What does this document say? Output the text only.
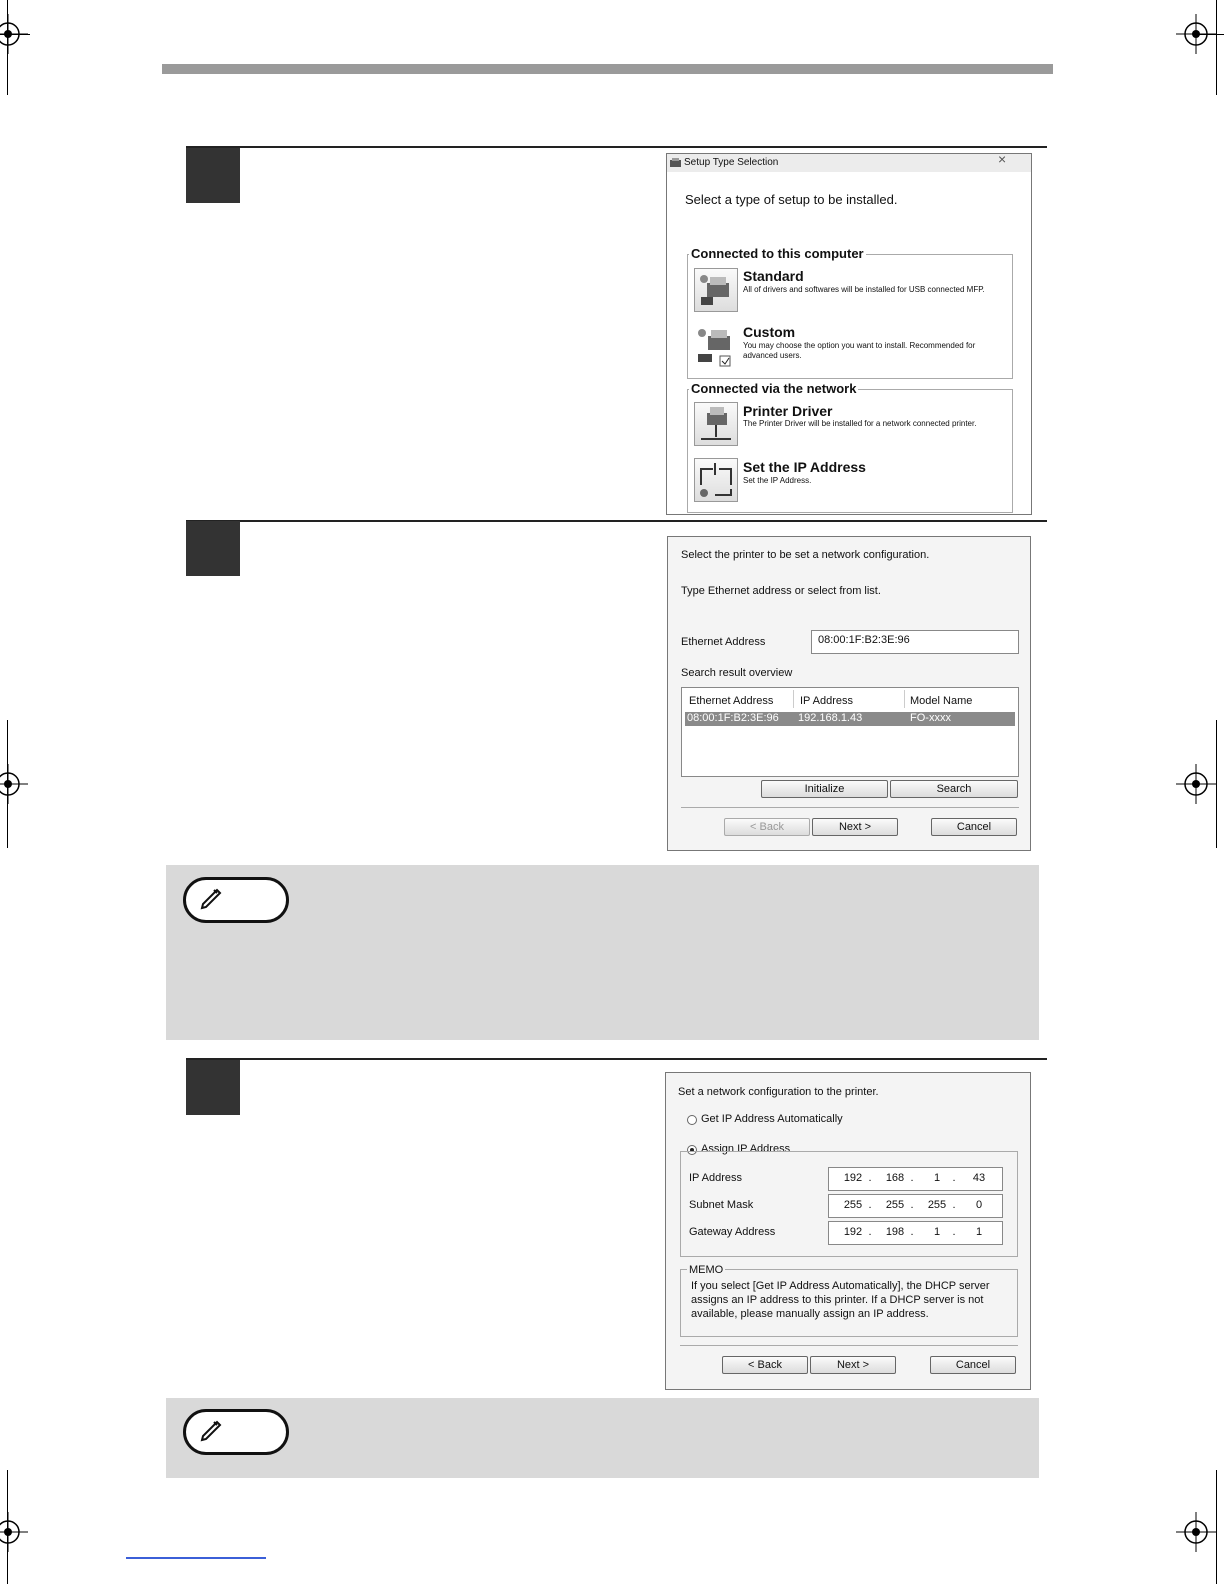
Setup Type Selection	×
Select a type of setup to be installed.
Connected to this computer
Standard
All of drivers and softwares will be installed for USB connected MFP.
Custom
You may choose the option you want to install. Recommended for advanced users.
Connected via the network
Printer Driver
The Printer Driver will be installed for a network connected printer.
Set the IP Address
Set the IP Address.
Select the printer to be set a network configuration.
Type Ethernet address or select from list.
Ethernet Address	08:00:1F:B2:3E:96
Search result overview
Ethernet Address IP Address	Model Name
08:00:1F:B2:3E:96 192.168.1.43	FO-xxxx
Initialize	Search
< Back	Next >	Cancel
Set a network configuration to the printer.
Get IP Address Automatically
Assign IP Address
IP Address	192 .	168 .	1	.	43
Subnet Mask	255 .	255 .	255 .	0
Gateway Address	192 .	198 .	1	.	1
MEMO
If you select [Get IP Address Automatically], the DHCP server
assigns an IP address to this printer. If a DHCP server is not
available, please manually assign an IP address.
< Back	Next >	Cancel
